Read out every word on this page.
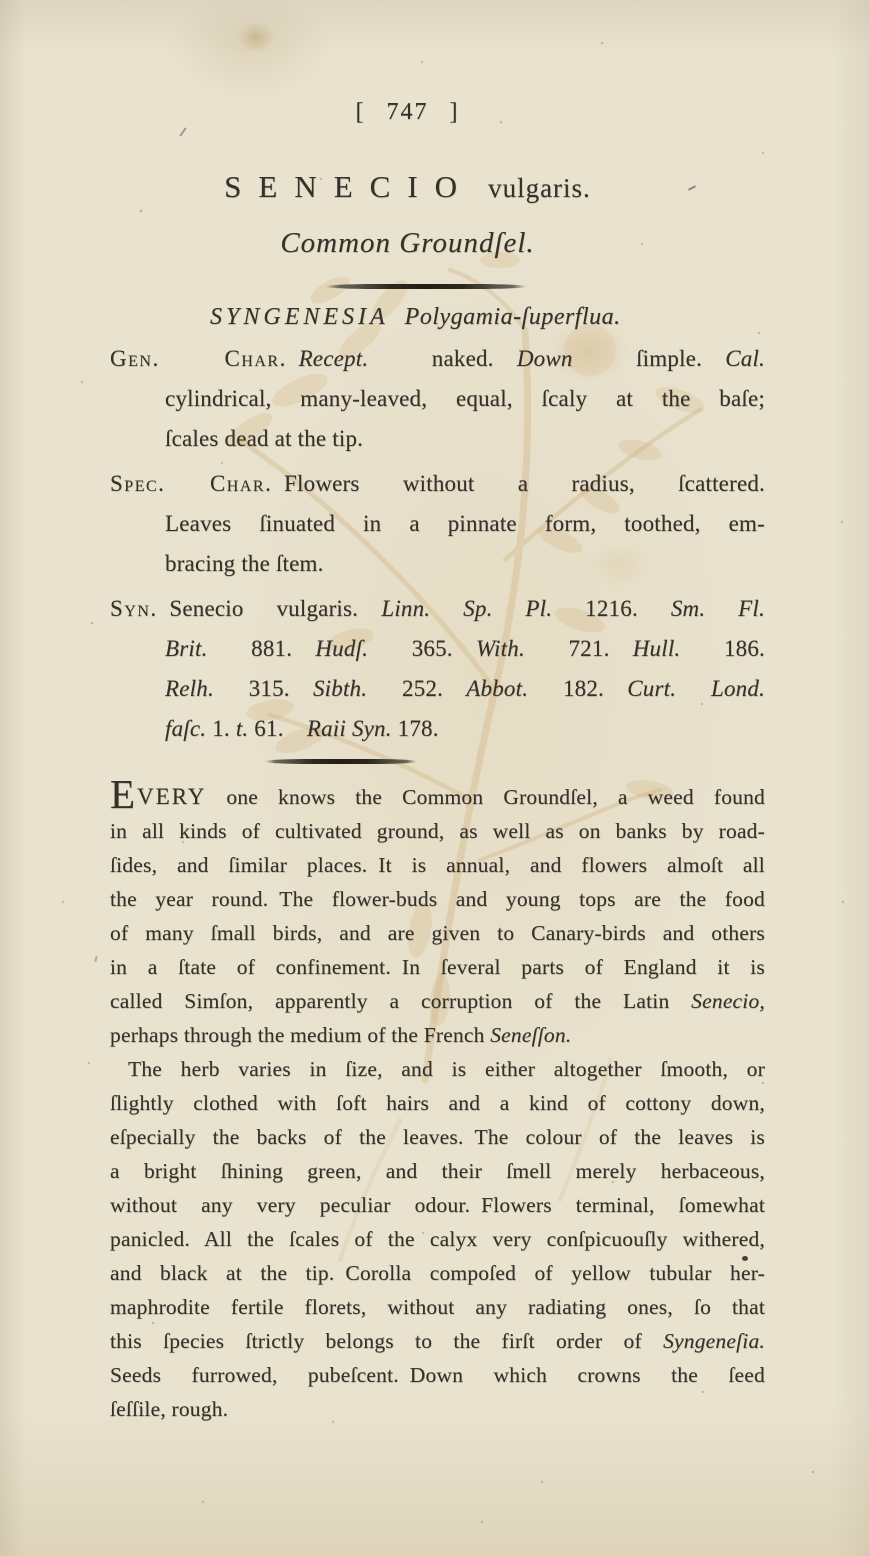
[ 747 ]
SENECIO vulgaris.
Common Groundſel.
SYNGENESIA Polygamia-ſuperflua.
Gen. Char.  Recept. naked. Down ſimple. Cal.
cylindrical, many-leaved, equal, ſcaly at the baſe;
ſcales dead at the tip.
Spec. Char. Flowers without a radius, ſcattered.
Leaves ſinuated in a pinnate form, toothed, em-
bracing the ſtem.
Syn. Senecio vulgaris. Linn. Sp. Pl. 1216. Sm. Fl.
Brit. 881. Hudſ. 365. With. 721. Hull. 186.
Relh. 315. Sibth. 252. Abbot. 182. Curt. Lond.
faſc. 1. t. 61. Raii Syn. 178.
EVERY one knows the Common Groundſel, a weed found
in all kinds of cultivated ground, as well as on banks by road-
ſides, and ſimilar places. It is annual, and flowers almoſt all
the year round. The flower-buds and young tops are the food
of many ſmall birds, and are given to Canary-birds and others
in a ſtate of confinement. In ſeveral parts of England it is
called Simſon, apparently a corruption of the Latin Senecio,
perhaps through the medium of the French Seneſſon.
The herb varies in ſize, and is either altogether ſmooth, or
ſlightly clothed with ſoft hairs and a kind of cottony down,
eſpecially the backs of the leaves. The colour of the leaves is
a bright ſhining green, and their ſmell merely herbaceous,
without any very peculiar odour. Flowers terminal, ſomewhat
panicled. All the ſcales of the calyx very conſpicuouſly withered,
and black at the tip. Corolla compoſed of yellow tubular her-
maphrodite fertile florets, without any radiating ones, ſo that
this ſpecies ſtrictly belongs to the firſt order of Syngeneſia.
Seeds furrowed, pubeſcent. Down which crowns the ſeed
ſeſſile, rough.
